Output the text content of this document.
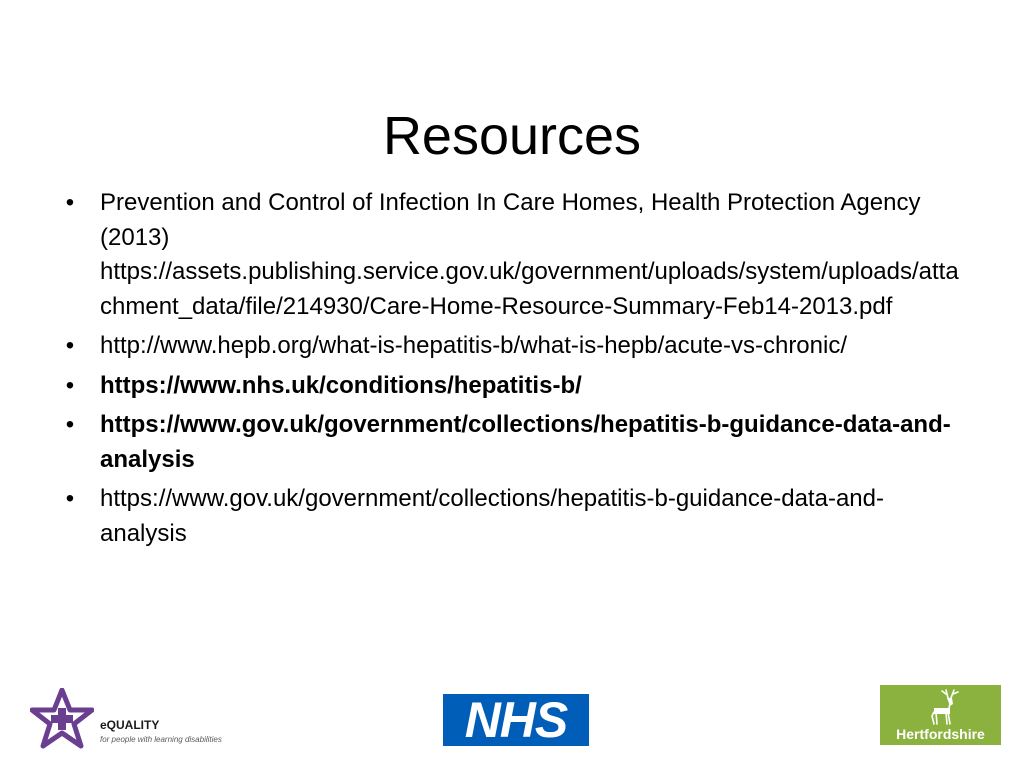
Resources
• Prevention and Control of Infection In Care Homes, Health Protection Agency (2013) https://assets.publishing.service.gov.uk/government/uploads/system/uploads/attachment_data/file/214930/Care-Home-Resource-Summary-Feb14-2013.pdf
• http://www.hepb.org/what-is-hepatitis-b/what-is-hepb/acute-vs-chronic/
• https://www.nhs.uk/conditions/hepatitis-b/
• https://www.gov.uk/government/collections/hepatitis-b-guidance-data-and-analysis
• https://www.gov.uk/government/collections/hepatitis-b-guidance-data-and-analysis
eQUALITY
for people with learning disabilities	NHS	Hertfordshire
